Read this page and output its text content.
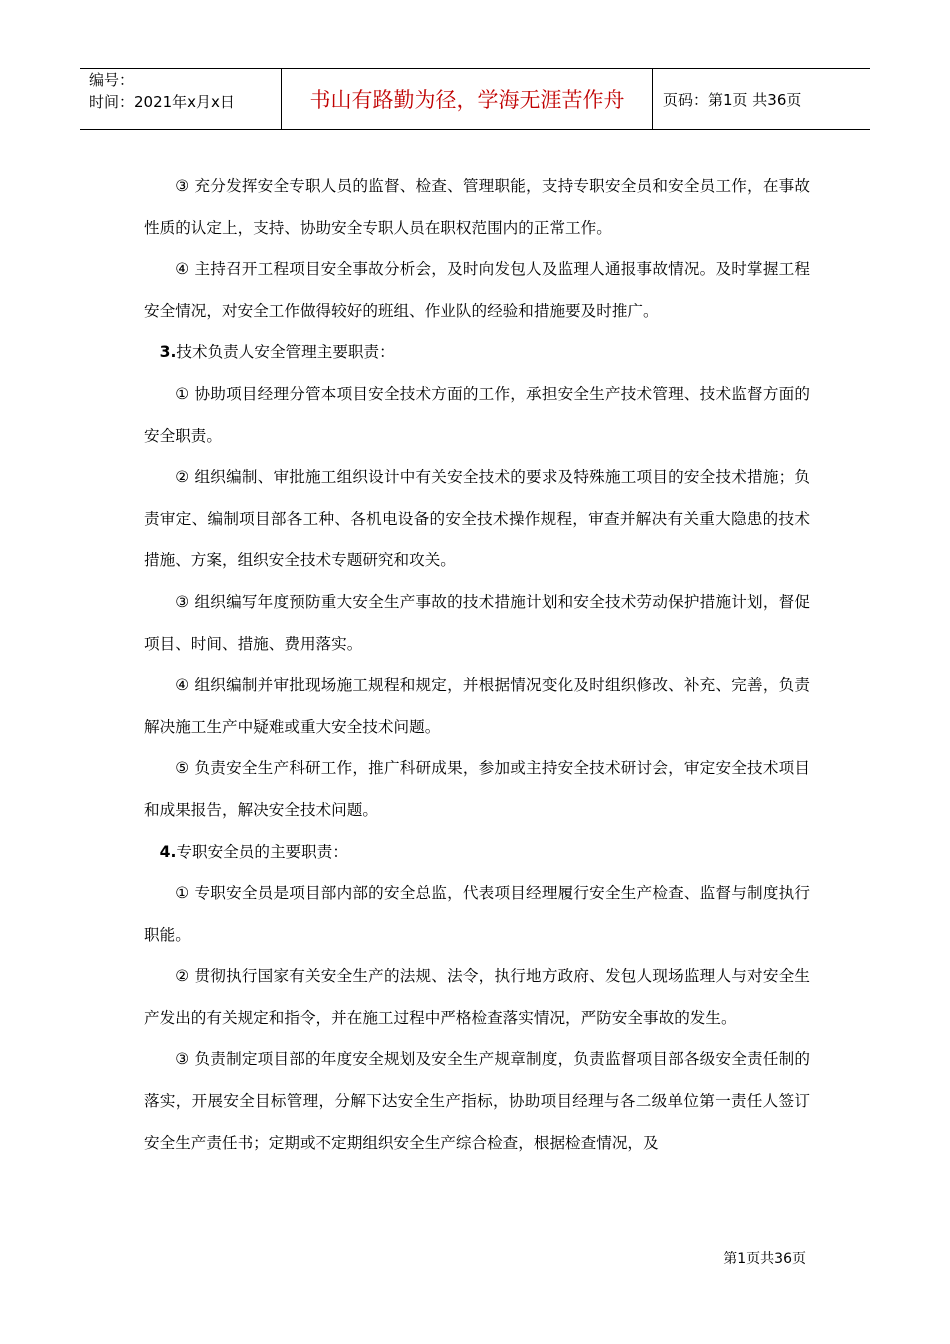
编号：
时间：2021年x月x日	书山有路勤为径，学海无涯苦作舟	页码：第1页 共36页

③ 充分发挥安全专职人员的监督、检查、管理职能，支持专职安全员和安全员工作，在事故性质的认定上，支持、协助安全专职人员在职权范围内的正常工作。

④ 主持召开工程项目安全事故分析会，及时向发包人及监理人通报事故情况。及时掌握工程安全情况，对安全工作做得较好的班组、作业队的经验和措施要及时推广。

3.技术负责人安全管理主要职责：

① 协助项目经理分管本项目安全技术方面的工作，承担安全生产技术管理、技术监督方面的安全职责。

② 组织编制、审批施工组织设计中有关安全技术的要求及特殊施工项目的安全技术措施；负责审定、编制项目部各工种、各机电设备的安全技术操作规程，审查并解决有关重大隐患的技术措施、方案，组织安全技术专题研究和攻关。

③ 组织编写年度预防重大安全生产事故的技术措施计划和安全技术劳动保护措施计划，督促项目、时间、措施、费用落实。

④ 组织编制并审批现场施工规程和规定，并根据情况变化及时组织修改、补充、完善，负责解决施工生产中疑难或重大安全技术问题。

⑤ 负责安全生产科研工作，推广科研成果，参加或主持安全技术研讨会，审定安全技术项目和成果报告，解决安全技术问题。

4.专职安全员的主要职责：

① 专职安全员是项目部内部的安全总监，代表项目经理履行安全生产检查、监督与制度执行职能。

② 贯彻执行国家有关安全生产的法规、法令，执行地方政府、发包人现场监理人与对安全生产发出的有关规定和指令，并在施工过程中严格检查落实情况，严防安全事故的发生。

③ 负责制定项目部的年度安全规划及安全生产规章制度，负责监督项目部各级安全责任制的落实，开展安全目标管理，分解下达安全生产指标，协助项目经理与各二级单位第一责任人签订安全生产责任书；定期或不定期组织安全生产综合检查，根据检查情况，及

第1页共36页
